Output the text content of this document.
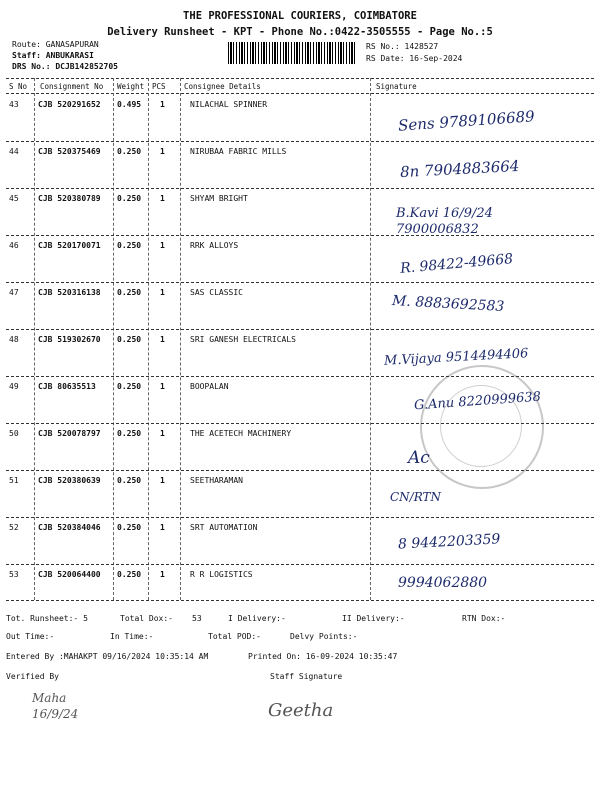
THE PROFESSIONAL COURIERS, COIMBATORE
Delivery Runsheet - KPT - Phone No.:0422-3505555 - Page No.:5
Route: GANASAPURAN
Staff: ANBUKARASI
DRS No.: DCJB142852705
RS No.: 1428527
RS Date: 16-Sep-2024
S No Consignment No Weight PCS Consignee Details	Signature
43 CJB 520291652 0.495 1	NILACHAL SPINNER
Sens 9789106689
44 CJB 520375469 0.250 1	NIRUBAA FABRIC MILLS
8n 7904883664
45 CJB 520380789 0.250 1	SHYAM BRIGHT
B.Kavi 16/9/24 7900006832
46 CJB 520170071 0.250 1	RRK ALLOYS
R. 98422-49668
47 CJB 520316138 0.250 1	SAS CLASSIC
M. 8883692583
48 CJB 519302670 0.250 1	SRI GANESH ELECTRICALS
M.Vijaya 9514494406
49 CJB 80635513	0.250 1	BOOPALAN
G.Anu 8220999638
50 CJB 520078797 0.250 1	THE ACETECH MACHINERY
Ac
51 CJB 520380639 0.250 1	SEETHARAMAN
CN/RTN
52 CJB 520384046 0.250 1	SRT AUTOMATION
8 9442203359
53 CJB 520064400 0.250 1	R R LOGISTICS
9994062880
Tot. Runsheet:- 5	Total Dox:- 53	I Delivery:-	II Delivery:-	RTN Dox:-
Out Time:-	In Time:-	Total POD:-	Delvy Points:-
Entered By :MAHAKPT 09/16/2024 10:35:14 AM	Printed On: 16-09-2024 10:35:47
Verified By	Staff Signature
Maha 16/9/24	Geetha
